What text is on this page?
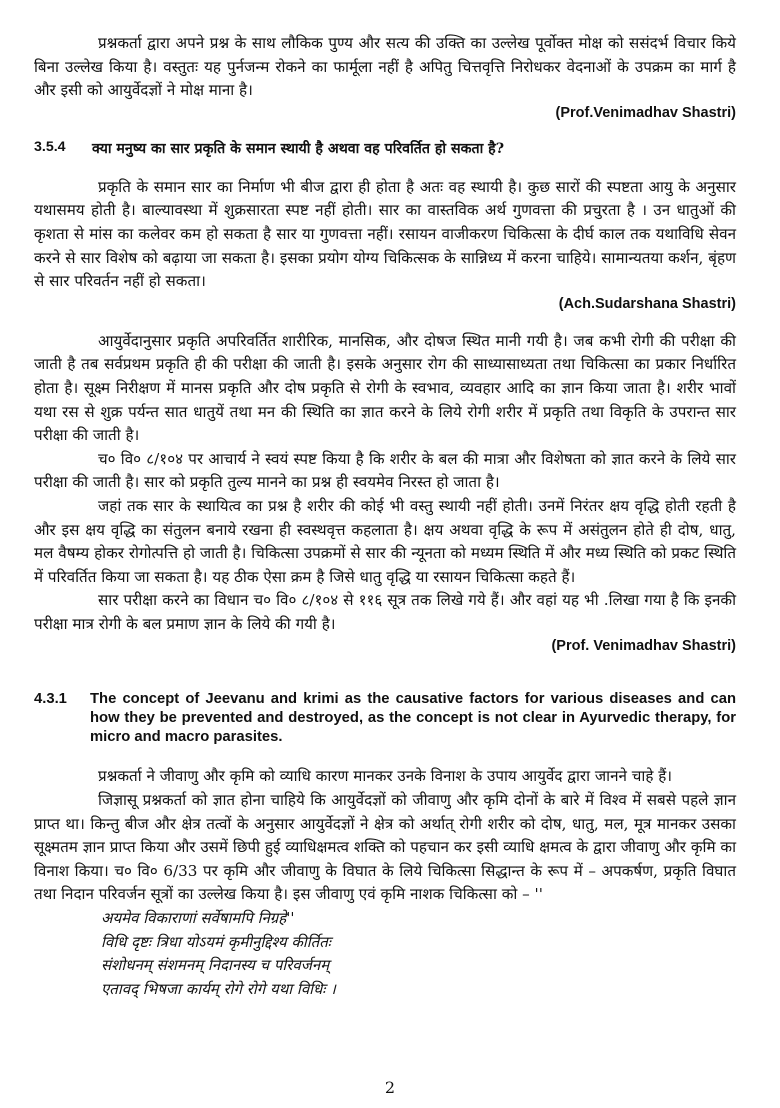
प्रश्नकर्ता द्वारा अपने प्रश्न के साथ लौकिक पुण्य और सत्य की उक्ति का उल्लेख पूर्वोक्त मोक्ष को ससंदर्भ विचार किये बिना उल्लेख किया है। वस्तुतः यह पुर्नजन्म रोकने का फार्मूला नहीं है अपितु चित्तवृत्ति निरोधकर वेदनाओं के उपक्रम का मार्ग है और इसी को आयुर्वेदज्ञों ने मोक्ष माना है।

(Prof.Venimadhav Shastri)

3.5.4	क्या मनुष्य का सार प्रकृति के समान स्थायी है अथवा वह परिवर्तित हो सकता है?

प्रकृति के समान सार का निर्माण भी बीज द्वारा ही होता है अतः वह स्थायी है। कुछ सारों की स्पष्टता आयु के अनुसार यथासमय होती है। बाल्यावस्था में शुक्रसारता स्पष्ट नहीं होती। सार का वास्तविक अर्थ गुणवत्ता की प्रचुरता है । उन धातुओं की कृशता से मांस का कलेवर कम हो सकता है सार या गुणवत्ता नहीं। रसायन वाजीकरण चिकित्सा के दीर्घ काल तक यथाविधि सेवन करने से सार विशेष को बढ़ाया जा सकता है। इसका प्रयोग योग्य चिकित्सक के सान्निध्य में करना चाहिये। सामान्यतया कर्शन, बृंहण से सार परिवर्तन नहीं हो सकता।

(Ach.Sudarshana Shastri)

आयुर्वेदानुसार प्रकृति अपरिवर्तित शारीरिक, मानसिक, और दोषज स्थित मानी गयी है। जब कभी रोगी की परीक्षा की जाती है तब सर्वप्रथम प्रकृति ही की परीक्षा की जाती है। इसके अनुसार रोग की साध्यासाध्यता तथा चिकित्सा का प्रकार निर्धारित होता है। सूक्ष्म निरीक्षण में मानस प्रकृति और दोष प्रकृति से रोगी के स्वभाव, व्यवहार आदि का ज्ञान किया जाता है। शरीर भावों यथा रस से शुक्र पर्यन्त सात धातुयें तथा मन की स्थिति का ज्ञात करने के लिये रोगी शरीर में प्रकृति तथा विकृति के उपरान्त सार परीक्षा की जाती है।

च० वि० ८/१०४ पर आचार्य ने स्वयं स्पष्ट किया है कि शरीर के बल की मात्रा और विशेषता को ज्ञात करने के लिये सार परीक्षा की जाती है। सार को प्रकृति तुल्य मानने का प्रश्न ही स्वयमेव निरस्त हो जाता है।

जहां तक सार के स्थायित्व का प्रश्न है शरीर की कोई भी वस्तु स्थायी नहीं होती। उनमें निरंतर क्षय वृद्धि होती रहती है और इस क्षय वृद्धि का संतुलन बनाये रखना ही स्वस्थवृत्त कहलाता है। क्षय अथवा वृद्धि के रूप में असंतुलन होते ही दोष, धातु, मल वैषम्य होकर रोगोत्पत्ति हो जाती है। चिकित्सा उपक्रमों से सार की न्यूनता को मध्यम स्थिति में और मध्य स्थिति को प्रकट स्थिति में परिवर्तित किया जा सकता है। यह ठीक ऐसा क्रम है जिसे धातु वृद्धि या रसायन चिकित्सा कहते हैं।

सार परीक्षा करने का विधान च० वि० ८/१०४ से ११६ सूत्र तक लिखे गये हैं। और वहां यह भी .लिखा गया है कि इनकी परीक्षा मात्र रोगी के बल प्रमाण ज्ञान के लिये की गयी है।

(Prof. Venimadhav Shastri)

4.3.1	The concept of Jeevanu and krimi as the causative factors for various diseases and can how they be prevented and destroyed, as the concept is not clear in Ayurvedic therapy, for micro and macro parasites.

प्रश्नकर्ता ने जीवाणु और कृमि को व्याधि कारण मानकर उनके विनाश के उपाय आयुर्वेद द्वारा जानने चाहे हैं।

जिज्ञासू प्रश्नकर्ता को ज्ञात होना चाहिये कि आयुर्वेदज्ञों को जीवाणु और कृमि दोनों के बारे में विश्व में सबसे पहले ज्ञान प्राप्त था। किन्तु बीज और क्षेत्र तत्वों के अनुसार आयुर्वेदज्ञों ने क्षेत्र को अर्थात् रोगी शरीर को दोष, धातु, मल, मूत्र मानकर उसका सूक्ष्मतम ज्ञान प्राप्त किया और उसमें छिपी हुई व्याधिक्षमत्व शक्ति को पहचान कर इसी व्याधि क्षमत्व के द्वारा जीवाणु और कृमि का विनाश किया। च० वि० 6/33 पर कृमि और जीवाणु के विघात के लिये चिकित्सा सिद्धान्त के रूप में – अपकर्षण, प्रकृति विघात तथा निदान परिवर्जन सूत्रों का उल्लेख किया है। इस जीवाणु एवं कृमि नाशक चिकित्सा को – ''

अयमेव विकाराणां सर्वेषामपि निग्रहे''

विधि दृष्टः त्रिधा योऽयमं कृमीनुद्दिश्य कीर्तितः

संशोधनम् संशमनम् निदानस्य च परिवर्जनम्

एतावद् भिषजा कार्यम् रोगे रोगे यथा विधिः ।

2
